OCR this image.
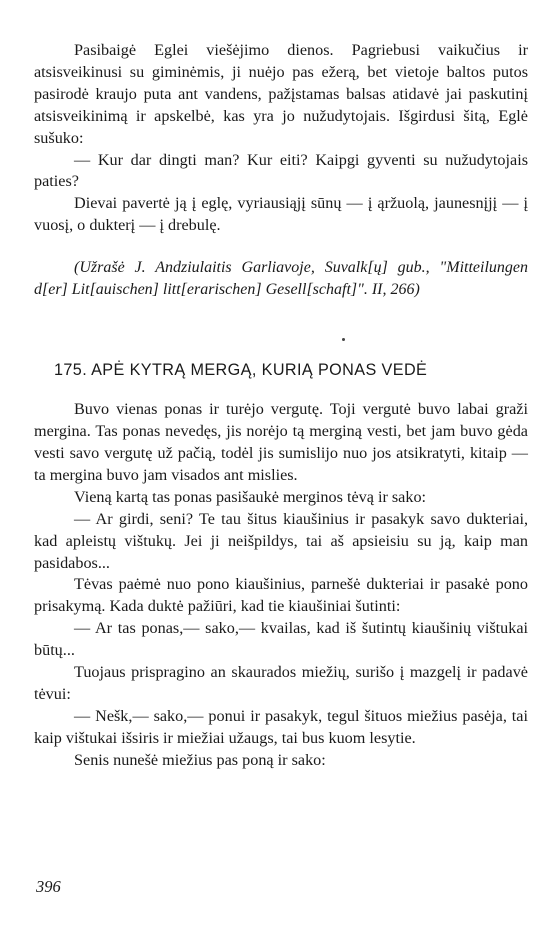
Pasibaigė Eglei viešėjimo dienos. Pagriebusi vaikučius ir atsisveikinusi su giminėmis, ji nuėjo pas ežerą, bet vietoje baltos putos pasirodė kraujo puta ant vandens, pažįstamas balsas atidavė jai paskutinį atsisveikinimą ir apskelbė, kas yra jo nužudytojais. Išgirdusi šitą, Eglė sušuko:

— Kur dar dingti man? Kur eiti? Kaipgi gyventi su nužudytojais paties?

Dievai pavertė ją į eglę, vyriausiąjį sūnų — į ąržuolą, jaunesnįjį — į vuosį, o dukterį — į drebulę.

(Užrašė J. Andziulaitis Garliavoje, Suvalk[ų] gub., "Mitteilungen d[er] Lit[auischen] litt[erarischen] Gesell[schaft]". II, 266)

175. APĖ KYTRĄ MERGĄ, KURIĄ PONAS VEDĖ

Buvo vienas ponas ir turėjo vergutę. Toji vergutė buvo labai graži mergina. Tas ponas nevedęs, jis norėjo tą merginą vesti, bet jam buvo gėda vesti savo vergutę už pačią, todėl jis sumislijo nuo jos atsikratyti, kitaip — ta mergina buvo jam visados ant mislies.

Vieną kartą tas ponas pasišaukė merginos tėvą ir sako:

— Ar girdi, seni? Te tau šitus kiaušinius ir pasakyk savo dukteriai, kad apleistų vištukų. Jei ji neišpildys, tai aš apsieisiu su ją, kaip man pasidabos...

Tėvas paėmė nuo pono kiaušinius, parnešė dukteriai ir pasakė pono prisakymą. Kada duktė pažiūri, kad tie kiaušiniai šutinti:

— Ar tas ponas,— sako,— kvailas, kad iš šutintų kiaušinių vištukai būtų...

Tuojaus prispragino an skaurados miežių, surišo į mazgelį ir padavė tėvui:

— Nešk,— sako,— ponui ir pasakyk, tegul šituos miežius pasėja, tai kaip vištukai išsiris ir miežiai užaugs, tai bus kuom lesytie.

Senis nunešė miežius pas poną ir sako:

396
